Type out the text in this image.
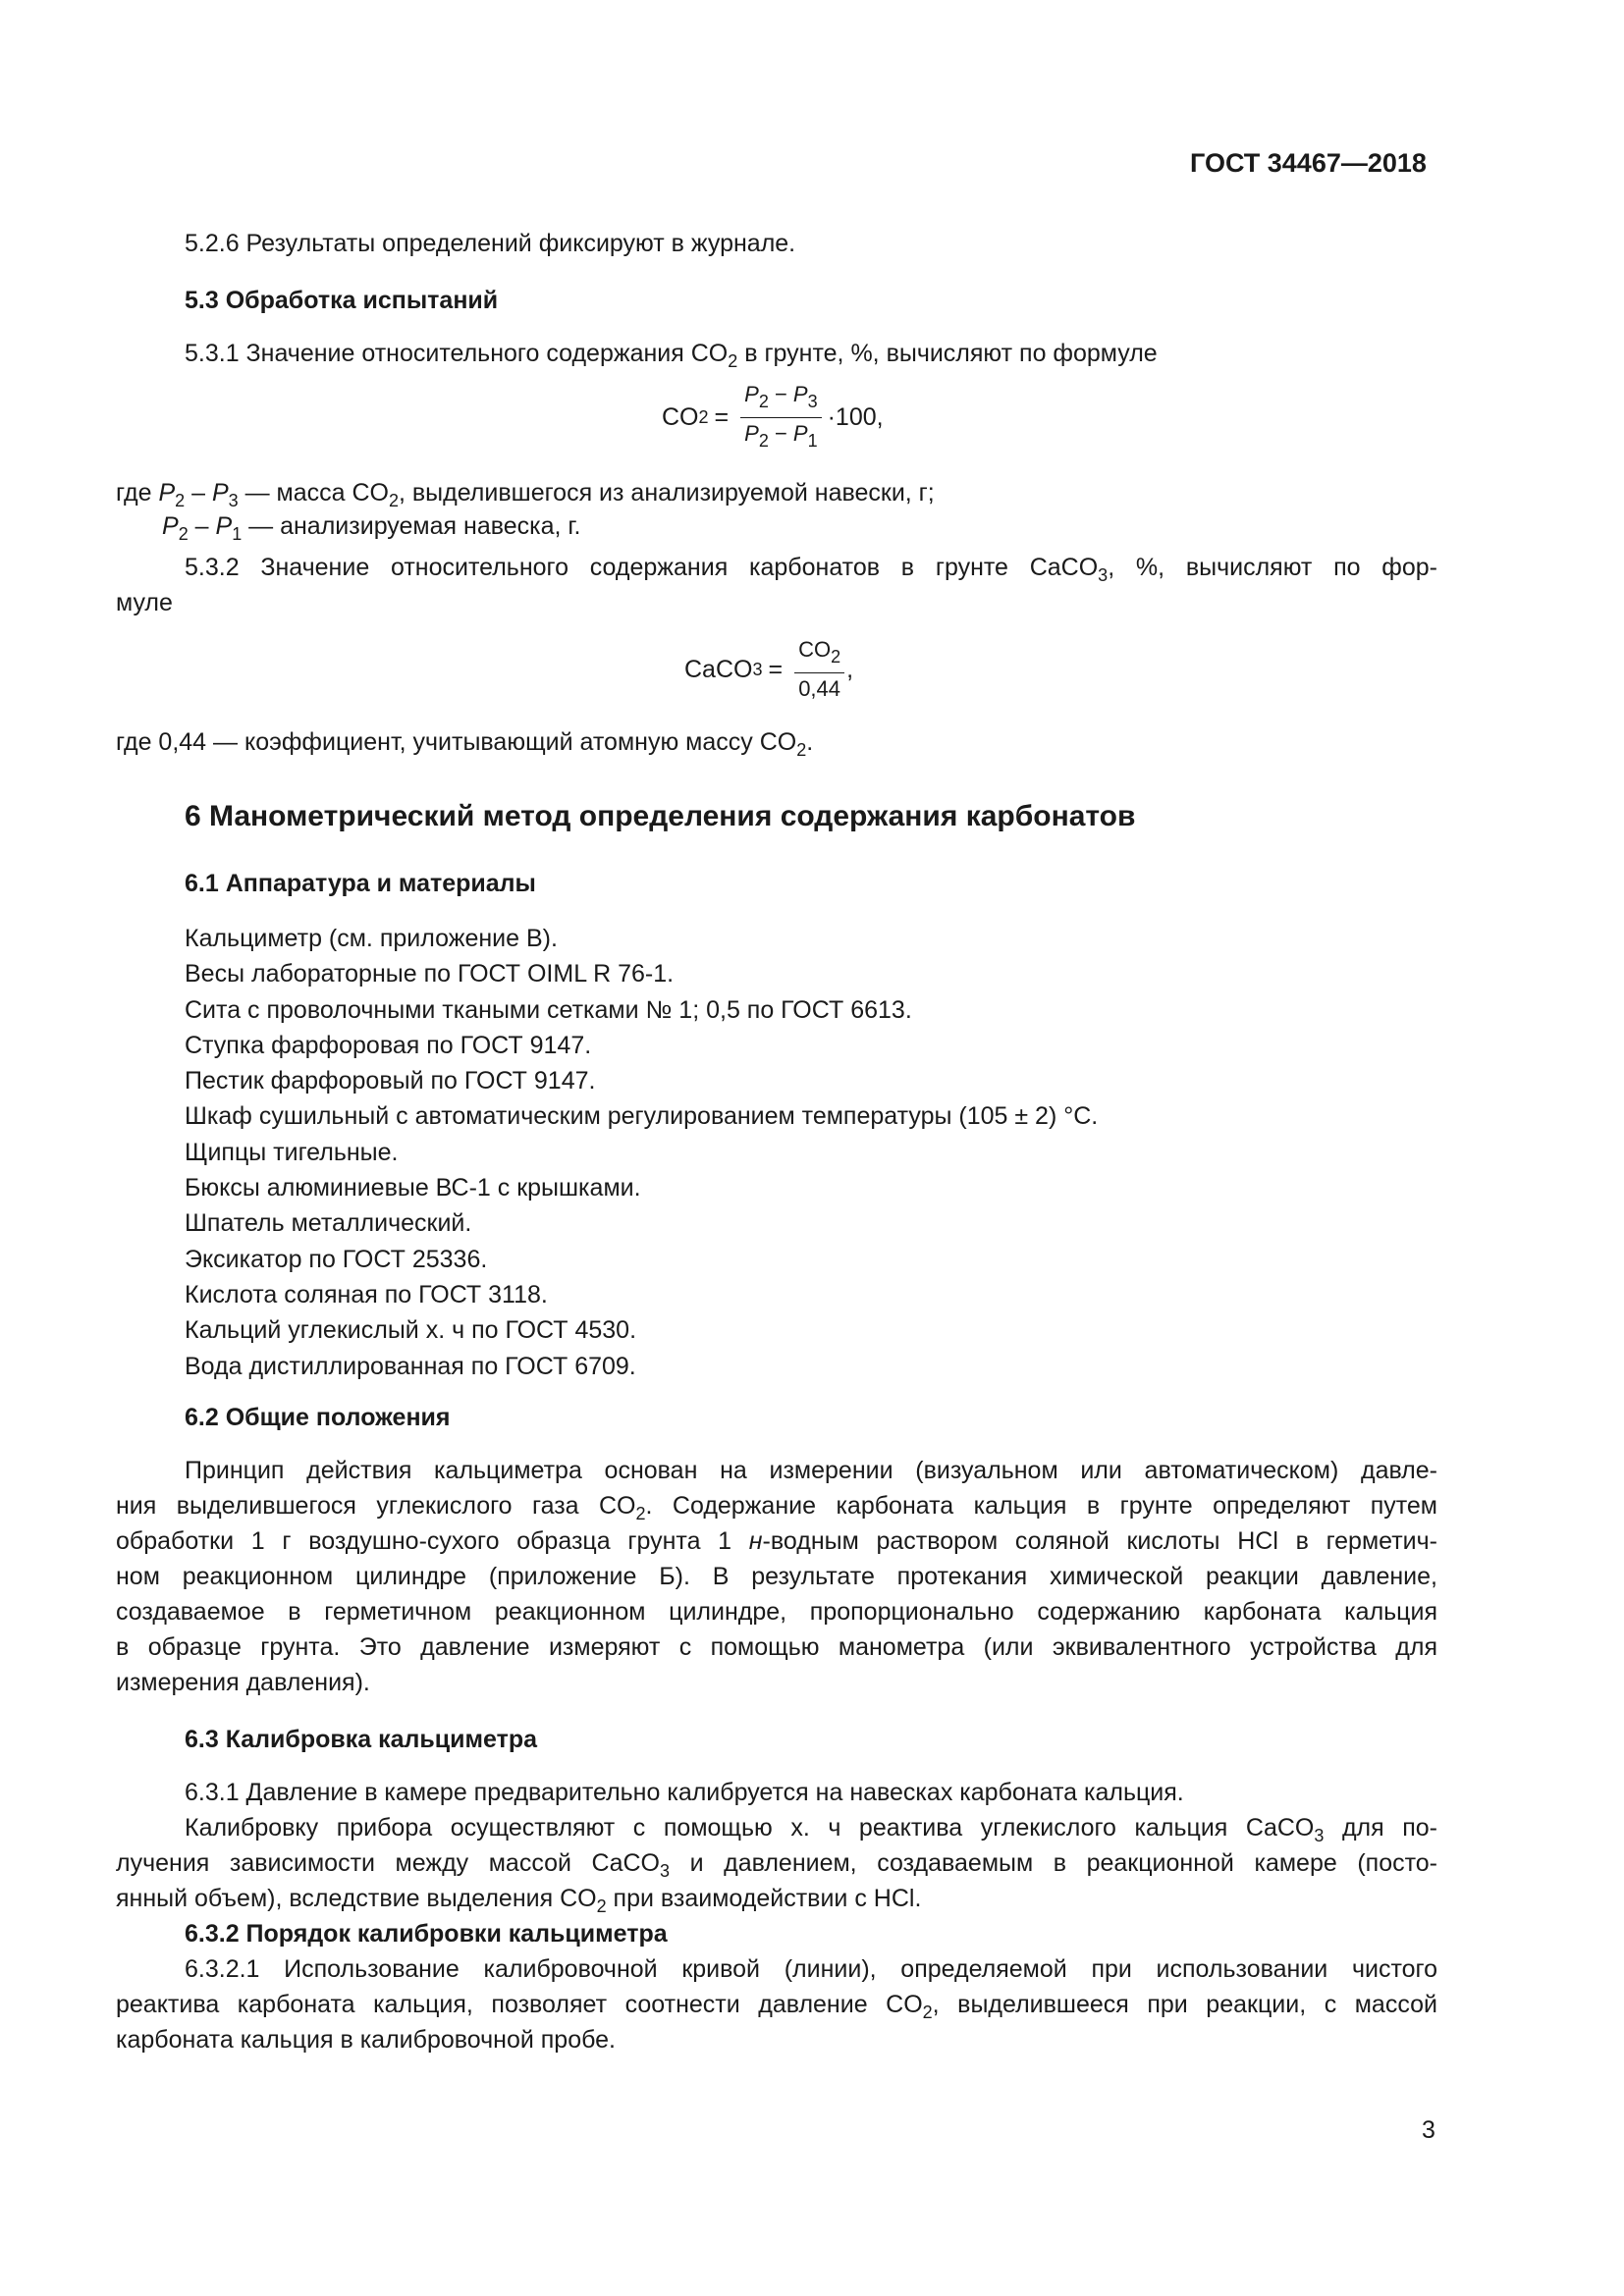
ГОСТ 34467—2018
5.2.6 Результаты определений фиксируют в журнале.
5.3 Обработка испытаний
5.3.1 Значение относительного содержания $CO_2$ в грунте, %, вычисляют по формуле
CO $2 = \frac{P_2 - P_3}{P_2 - P_1} \cdot 100$,
где $P_2 - P_3$ — масса $CO_2$, выделившегося из анализируемой навески, г;
$P_2 - P_1$ — анализируемая навеска, г.
5.3.2 Значение относительного содержания карбонатов в грунте CaCO$_3$, %, вычисляют по фор-
муле
CaCO $3 = \frac{CO_2}{0,44}$ ,
где 0,44 — коэффициент, учитывающий атомную массу $CO_2$.
6 Манометрический метод определения содержания карбонатов
6.1 Аппаратура и материалы
Кальциметр (см. приложение В).
Весы лабораторные по ГОСТ OIML R 76-1.
Сита с проволочными ткаными сетками № 1; 0,5 по ГОСТ 6613.
Ступка фарфоровая по ГОСТ 9147.
Пестик фарфоровый по ГОСТ 9147.
Шкаф сушильный с автоматическим регулированием температуры (105 ± 2) °C.
Щипцы тигельные.
Бюксы алюминиевые ВС-1 с крышками.
Шпатель металлический.
Эксикатор по ГОСТ 25336.
Кислота соляная по ГОСТ 3118.
Кальций углекислый х. ч по ГОСТ 4530.
Вода дистиллированная по ГОСТ 6709.
6.2 Общие положения
Принцип действия кальциметра основан на измерении (визуальном или автоматическом) давле-
ния выделившегося углекислого газа $CO_2$. Содержание карбоната кальция в грунте определяют путем
обработки 1 г воздушно-сухого образца грунта 1 н-водным раствором соляной кислоты HCl в герметич-
ном реакционном цилиндре (приложение Б). В результате протекания химической реакции давление,
создаваемое в герметичном реакционном цилиндре, пропорционально содержанию карбоната кальция
в образце грунта. Это давление измеряют с помощью манометра (или эквивалентного устройства для
измерения давления).
6.3 Калибровка кальциметра
6.3.1 Давление в камере предварительно калибруется на навесках карбоната кальция.
Калибровку прибора осуществляют с помощью х. ч реактива углекислого кальция CaCO$_3$ для по-
лучения зависимости между массой CaCO$_3$ и давлением, создаваемым в реакционной камере (посто-
янный объем), вследствие выделения $CO_2$ при взаимодействии с HCl.
6.3.2 Порядок калибровки кальциметра
6.3.2.1 Использование калибровочной кривой (линии), определяемой при использовании чистого
реактива карбоната кальция, позволяет соотнести давление $CO_2$, выделившееся при реакции, с массой
карбоната кальция в калибровочной пробе.
3
